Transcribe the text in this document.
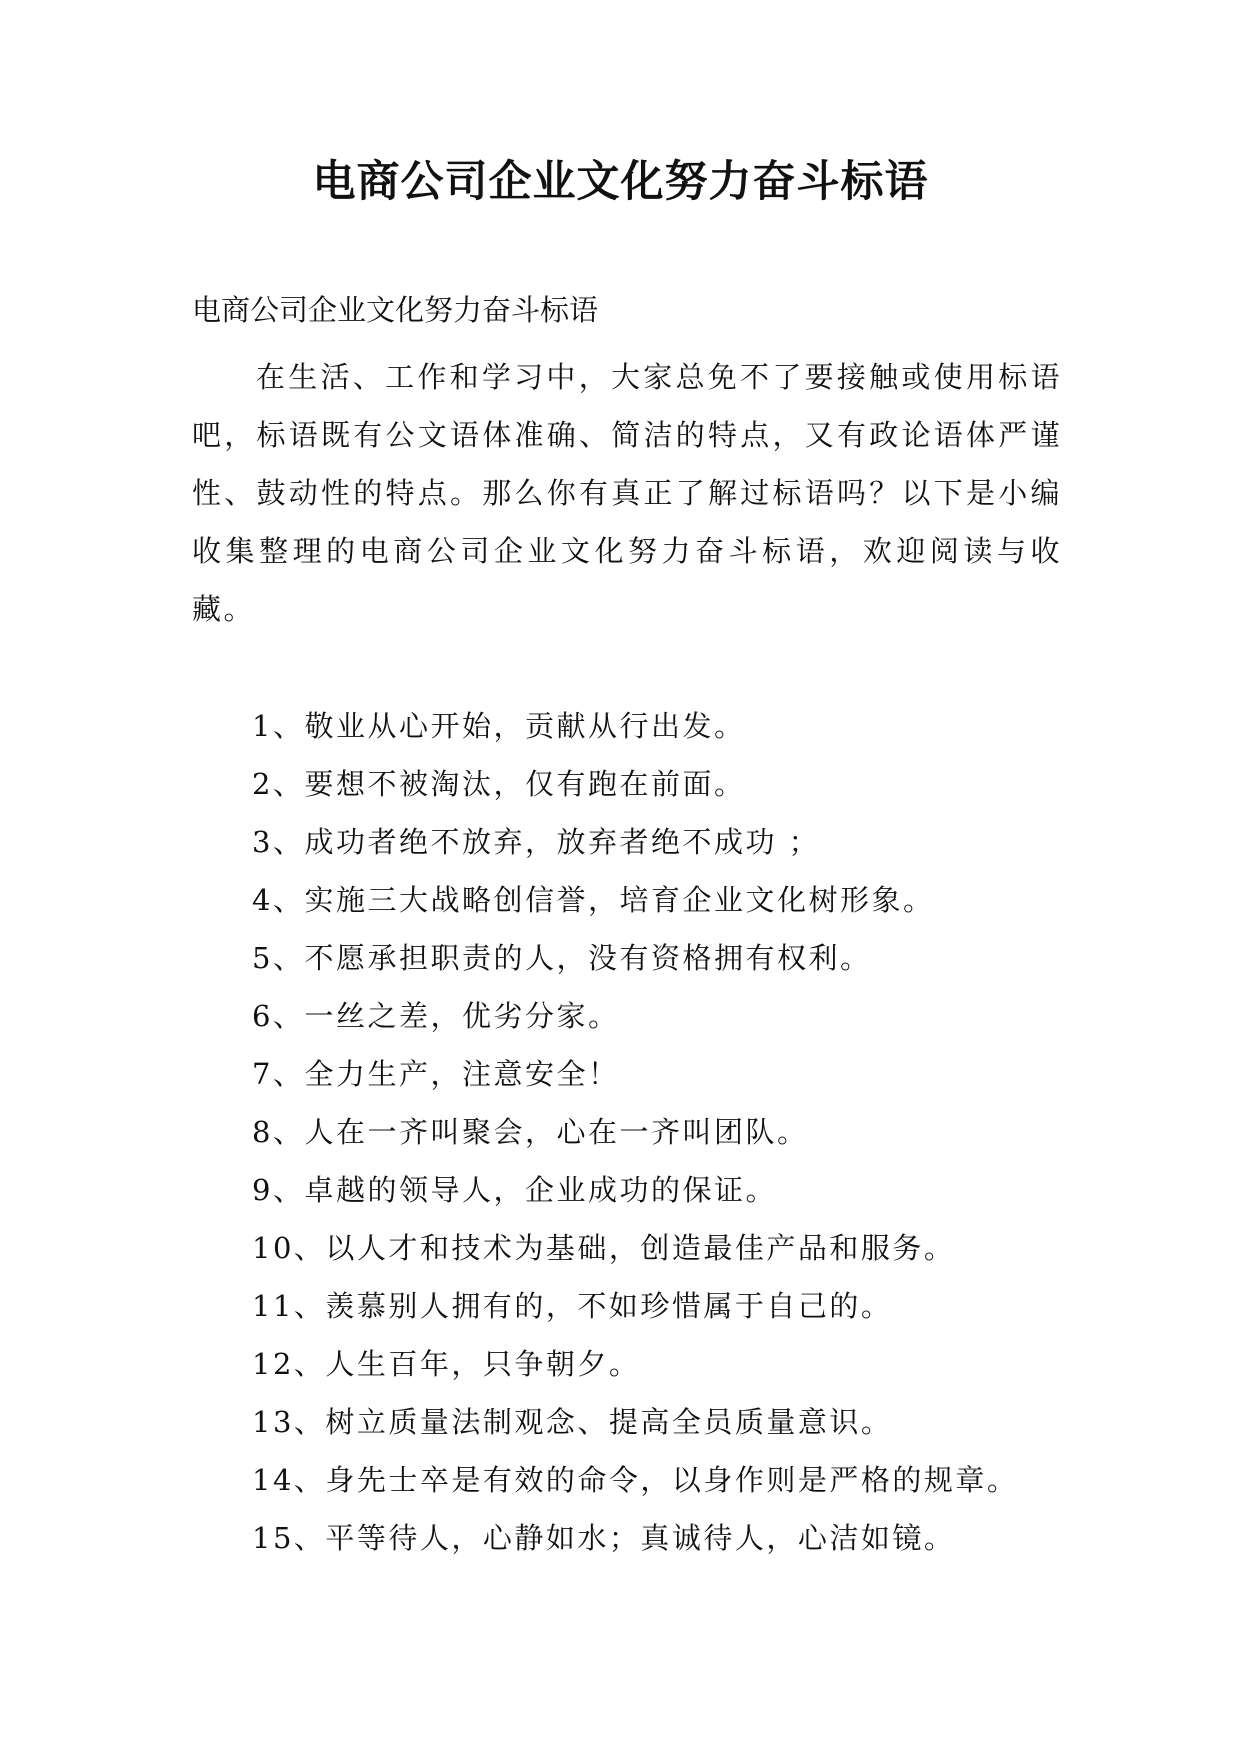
电商公司企业文化努力奋斗标语
电商公司企业文化努力奋斗标语

在生活、工作和学习中，大家总免不了要接触或使用标语吧，标语既有公文语体准确、简洁的特点，又有政论语体严谨性、鼓动性的特点。那么你有真正了解过标语吗？以下是小编收集整理的电商公司企业文化努力奋斗标语，欢迎阅读与收藏。

1、敬业从心开始，贡献从行出发。
2、要想不被淘汰，仅有跑在前面。
3、成功者绝不放弃，放弃者绝不成功 ；
4、实施三大战略创信誉，培育企业文化树形象。
5、不愿承担职责的人，没有资格拥有权利。
6、一丝之差，优劣分家。
7、全力生产，注意安全！
8、人在一齐叫聚会，心在一齐叫团队。
9、卓越的领导人，企业成功的保证。
10、以人才和技术为基础，创造最佳产品和服务。
11、羡慕别人拥有的，不如珍惜属于自己的。
12、人生百年，只争朝夕。
13、树立质量法制观念、提高全员质量意识。
14、身先士卒是有效的命令，以身作则是严格的规章。
15、平等待人，心静如水；真诚待人，心洁如镜。
